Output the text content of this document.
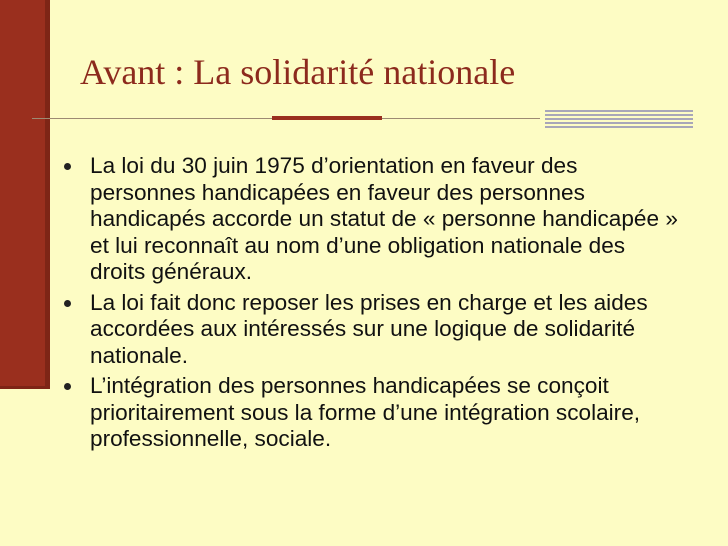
Avant : La solidarité nationale
La loi du 30 juin 1975 d’orientation en faveur des personnes handicapées en faveur des personnes handicapés accorde un statut de « personne handicapée » et lui reconnaît au nom d’une obligation nationale des droits généraux.
La loi fait donc reposer les prises en charge et les aides accordées aux intéressés sur une logique de solidarité nationale.
L’intégration des personnes handicapées se conçoit prioritairement sous la forme d’une intégration scolaire, professionnelle, sociale.
